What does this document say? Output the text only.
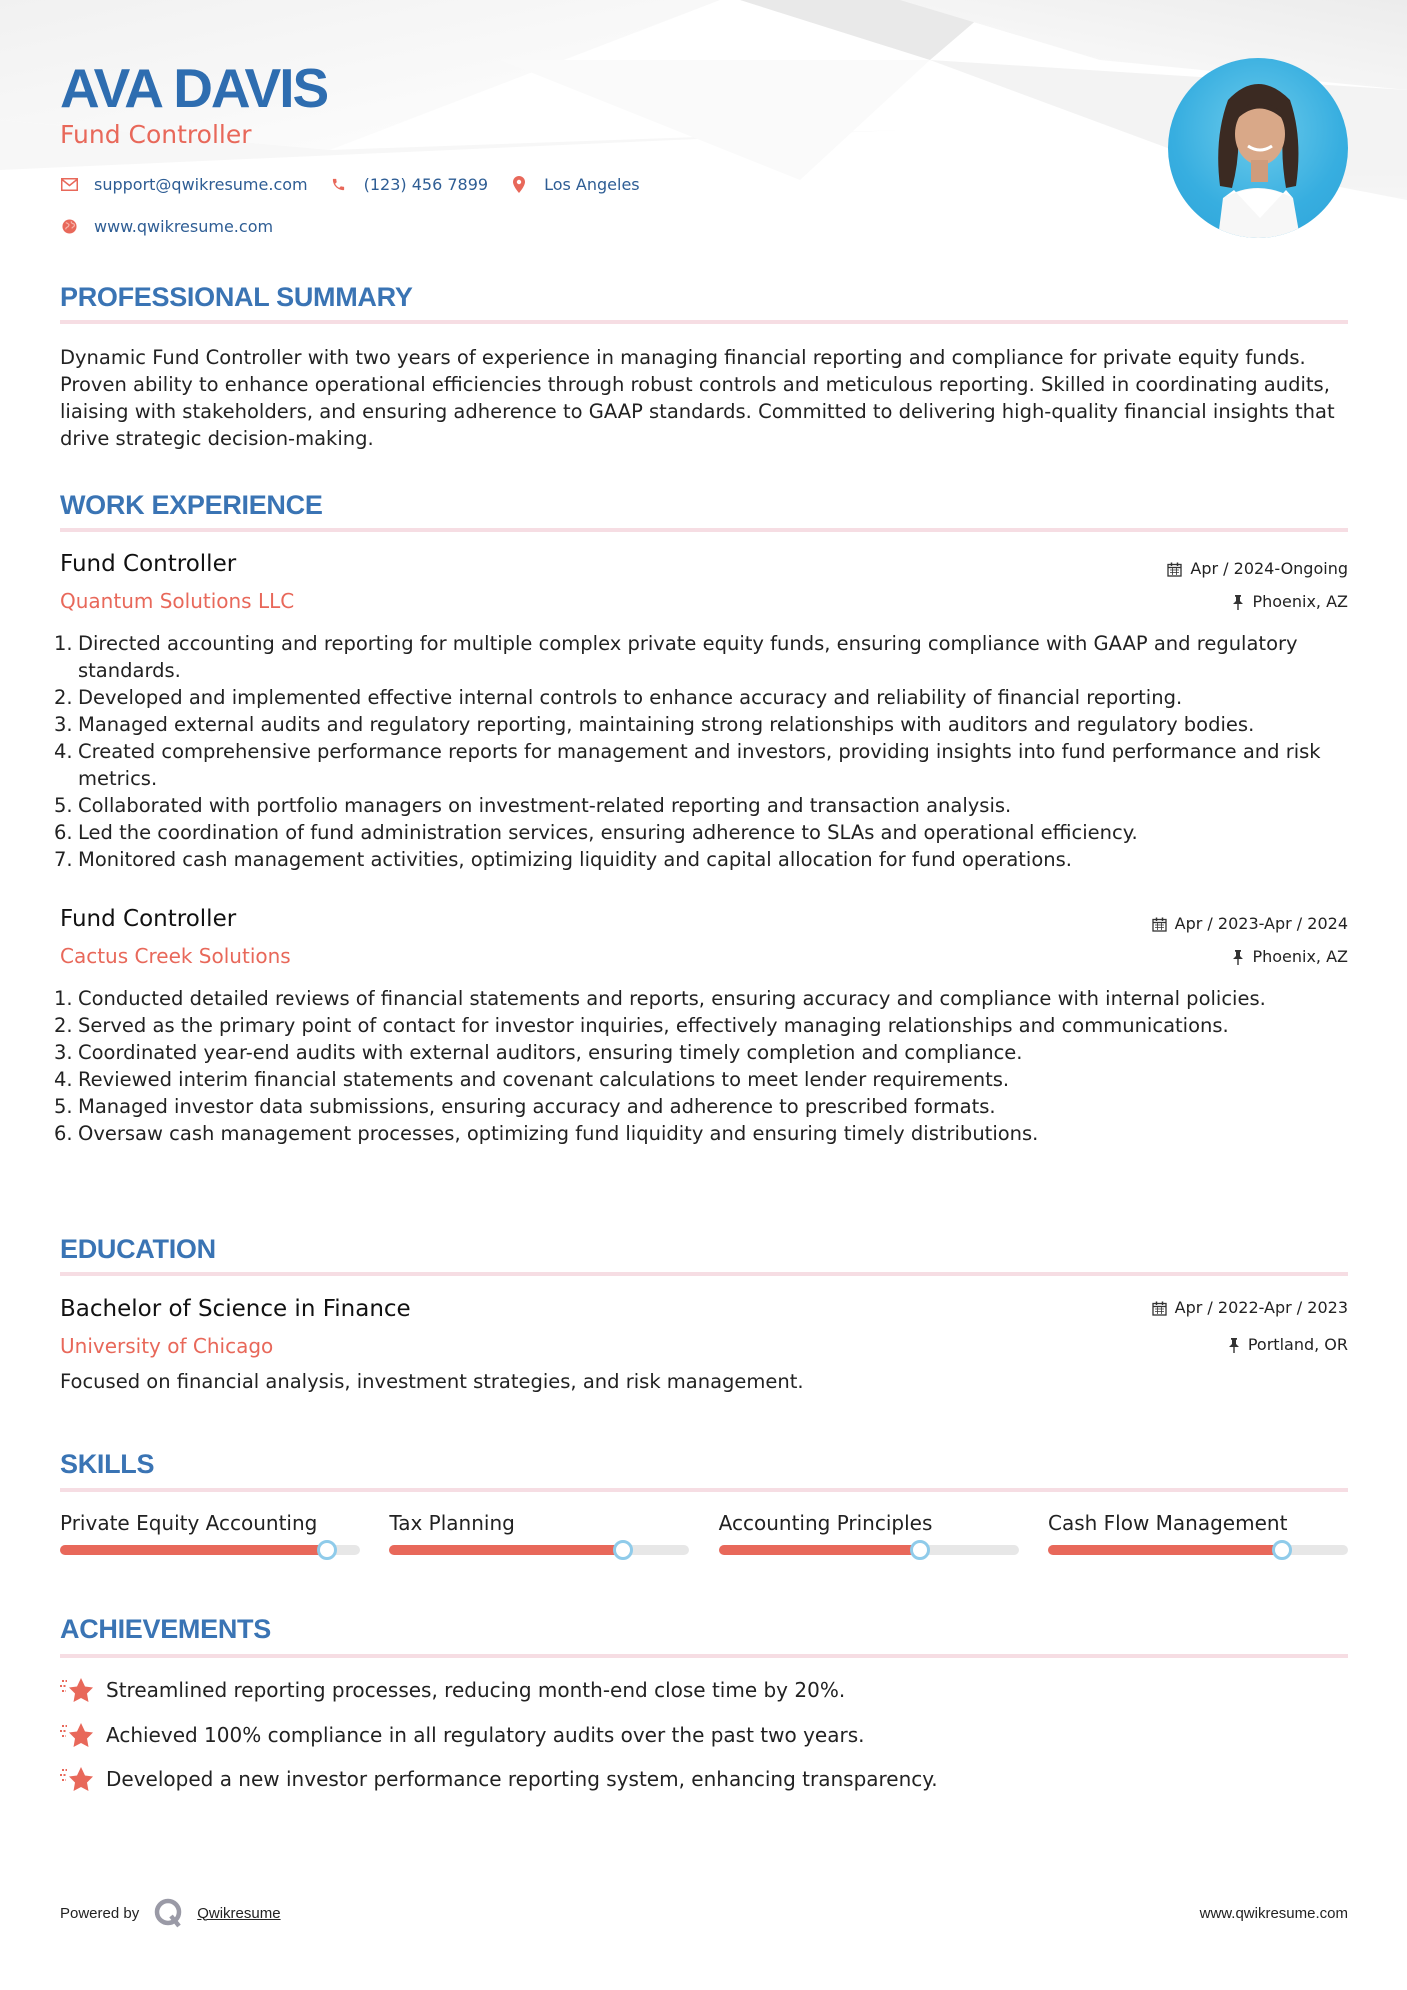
AVA DAVIS
Fund Controller
support@qwikresume.com	(123) 456 7899	Los Angeles
www.qwikresume.com
PROFESSIONAL SUMMARY
Dynamic Fund Controller with two years of experience in managing financial reporting and compliance for private equity funds. Proven ability to enhance operational efficiencies through robust controls and meticulous reporting. Skilled in coordinating audits, liaising with stakeholders, and ensuring adherence to GAAP standards. Committed to delivering high-quality financial insights that drive strategic decision-making.
WORK EXPERIENCE
Fund Controller	Apr / 2024-Ongoing
Quantum Solutions LLC	Phoenix, AZ
1. Directed accounting and reporting for multiple complex private equity funds, ensuring compliance with GAAP and regulatory standards.
2. Developed and implemented effective internal controls to enhance accuracy and reliability of financial reporting.
3. Managed external audits and regulatory reporting, maintaining strong relationships with auditors and regulatory bodies.
4. Created comprehensive performance reports for management and investors, providing insights into fund performance and risk metrics.
5. Collaborated with portfolio managers on investment-related reporting and transaction analysis.
6. Led the coordination of fund administration services, ensuring adherence to SLAs and operational efficiency.
7. Monitored cash management activities, optimizing liquidity and capital allocation for fund operations.
Fund Controller	Apr / 2023-Apr / 2024
Cactus Creek Solutions	Phoenix, AZ
1. Conducted detailed reviews of financial statements and reports, ensuring accuracy and compliance with internal policies.
2. Served as the primary point of contact for investor inquiries, effectively managing relationships and communications.
3. Coordinated year-end audits with external auditors, ensuring timely completion and compliance.
4. Reviewed interim financial statements and covenant calculations to meet lender requirements.
5. Managed investor data submissions, ensuring accuracy and adherence to prescribed formats.
6. Oversaw cash management processes, optimizing fund liquidity and ensuring timely distributions.
EDUCATION
Bachelor of Science in Finance	Apr / 2022-Apr / 2023
University of Chicago	Portland, OR
Focused on financial analysis, investment strategies, and risk management.
SKILLS
Private Equity Accounting	Tax Planning	Accounting Principles	Cash Flow Management
ACHIEVEMENTS
Streamlined reporting processes, reducing month-end close time by 20%.
Achieved 100% compliance in all regulatory audits over the past two years.
Developed a new investor performance reporting system, enhancing transparency.
Powered by	Qwikresume	www.qwikresume.com
